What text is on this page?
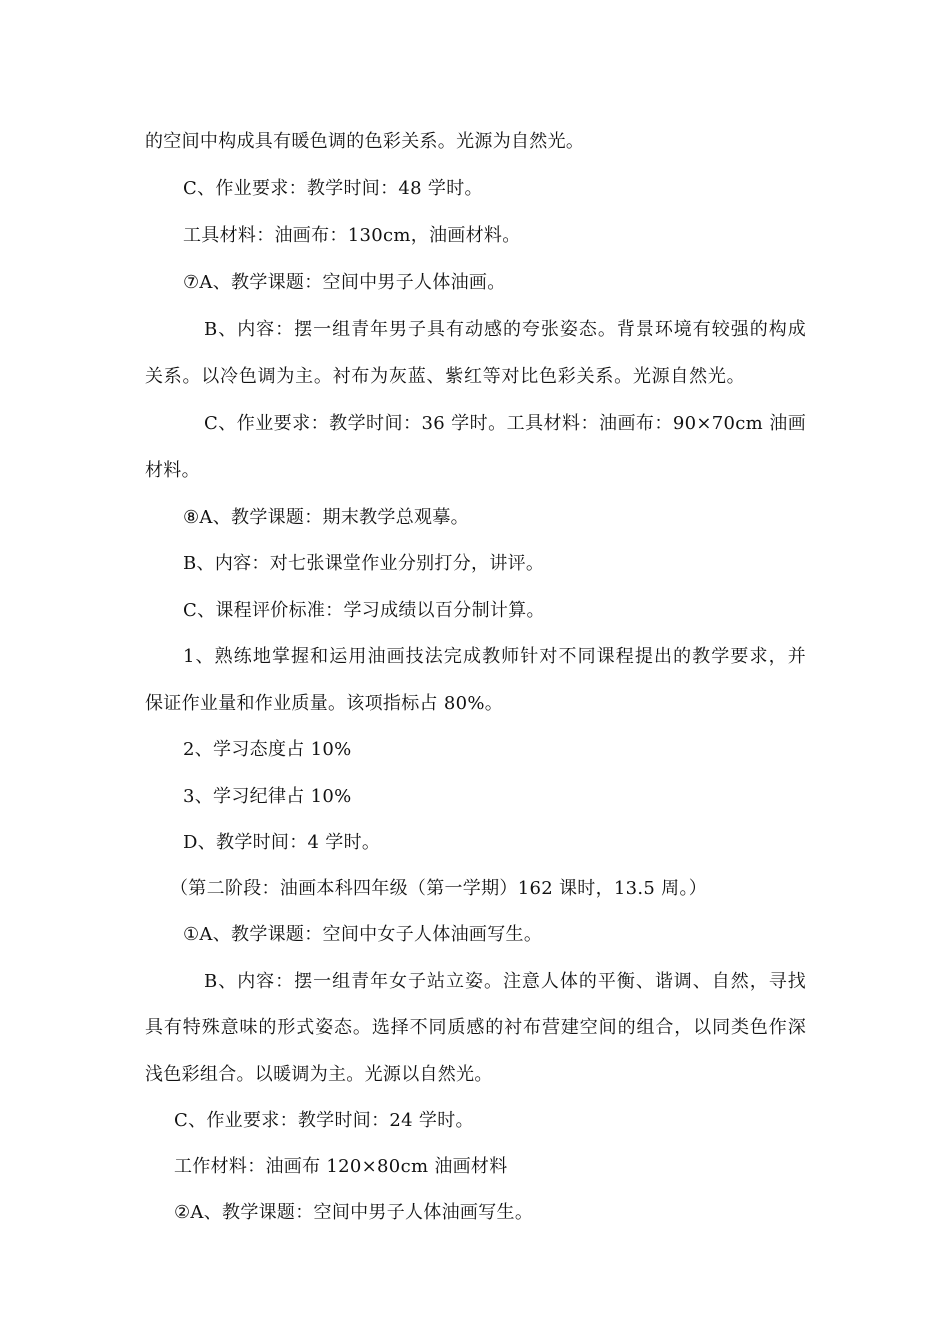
的空间中构成具有暖色调的色彩关系。光源为自然光。
C、作业要求：教学时间：48 学时。
工具材料：油画布：130cm，油画材料。
⑦A、教学课题：空间中男子人体油画。
B、内容：摆一组青年男子具有动感的夸张姿态。背景环境有较强的构成
关系。以冷色调为主。衬布为灰蓝、紫红等对比色彩关系。光源自然光。
C、作业要求：教学时间：36 学时。工具材料：油画布：90×70cm 油画
材料。
⑧A、教学课题：期末教学总观摹。
B、内容：对七张课堂作业分别打分，讲评。
C、课程评价标准：学习成绩以百分制计算。
1、熟练地掌握和运用油画技法完成教师针对不同课程提出的教学要求，并
保证作业量和作业质量。该项指标占 80%。
2、学习态度占 10%
3、学习纪律占 10%
D、教学时间：4 学时。
（第二阶段：油画本科四年级（第一学期）162 课时，13.5 周。）
①A、教学课题：空间中女子人体油画写生。
B、内容：摆一组青年女子站立姿。注意人体的平衡、谐调、自然，寻找
具有特殊意味的形式姿态。选择不同质感的衬布营建空间的组合，以同类色作深
浅色彩组合。以暖调为主。光源以自然光。
C、作业要求：教学时间：24 学时。
工作材料：油画布 120×80cm 油画材料
②A、教学课题：空间中男子人体油画写生。
